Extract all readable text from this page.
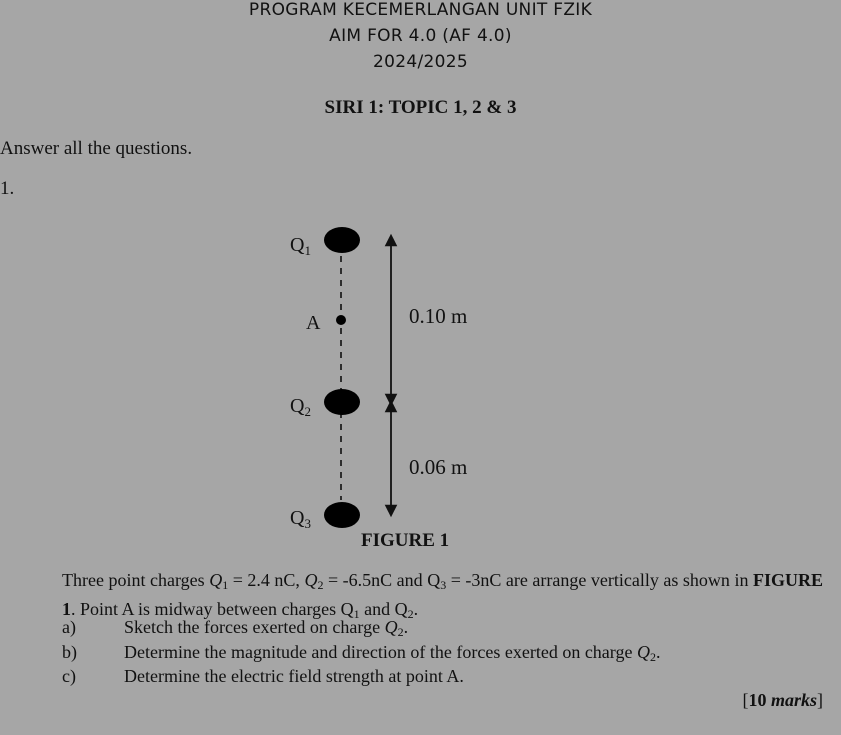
PROGRAM KECEMERLANGAN UNIT FZIK
AIM FOR 4.0 (AF 4.0)
2024/2025
SIRI 1: TOPIC 1, 2 & 3
Answer all the questions.
1.
$Q_1$
A
$Q_2$
$Q_3$
0.10 m
0.06 m
FIGURE 1
Three point charges $Q_1 = 2.4$ nC, $Q_2 = -6.5nC$ and $Q_3 = -3nC$ are arrange vertically as shown in FIGURE 1. Point A is midway between charges $Q_1$ and $Q_2$.
a)	Sketch the forces exerted on charge $Q_2$.
b)	Determine the magnitude and direction of the forces exerted on charge $Q_2$.
c)	Determine the electric field strength at point A.
[10 marks]
